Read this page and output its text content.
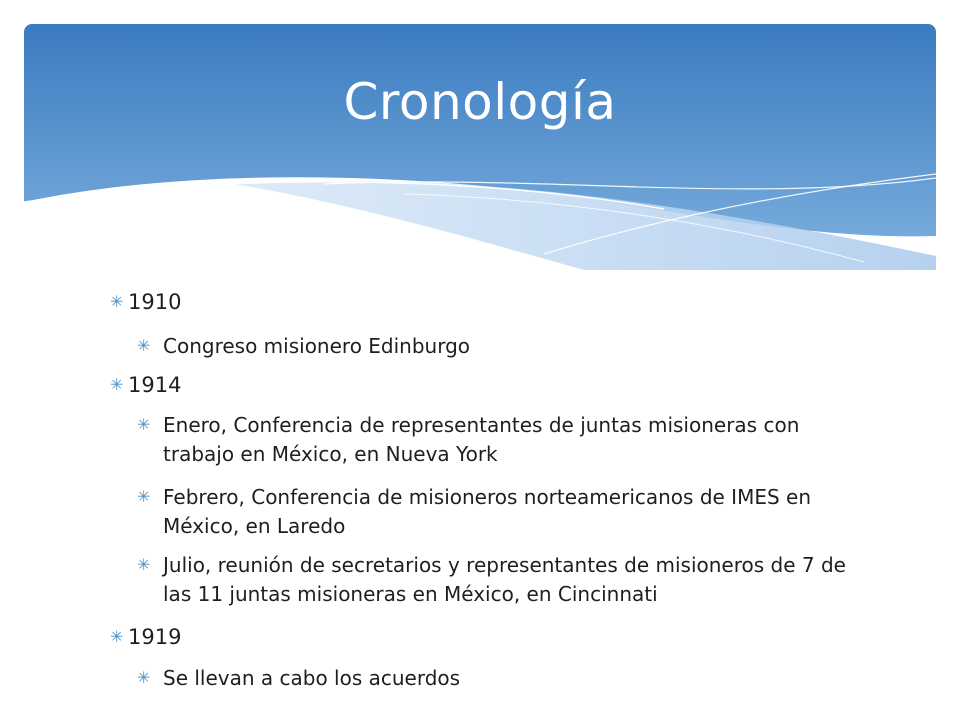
Cronología
✳ 1910
✳ Congreso misionero Edinburgo
✳ 1914
✳ Enero, Conferencia de representantes de juntas misioneras con trabajo en México, en Nueva York
✳ Febrero, Conferencia de misioneros norteamericanos de IMES en México, en Laredo
✳ Julio, reunión de secretarios y representantes de misioneros de 7 de las 11 juntas misioneras en México, en Cincinnati
✳ 1919
✳ Se llevan a cabo los acuerdos
